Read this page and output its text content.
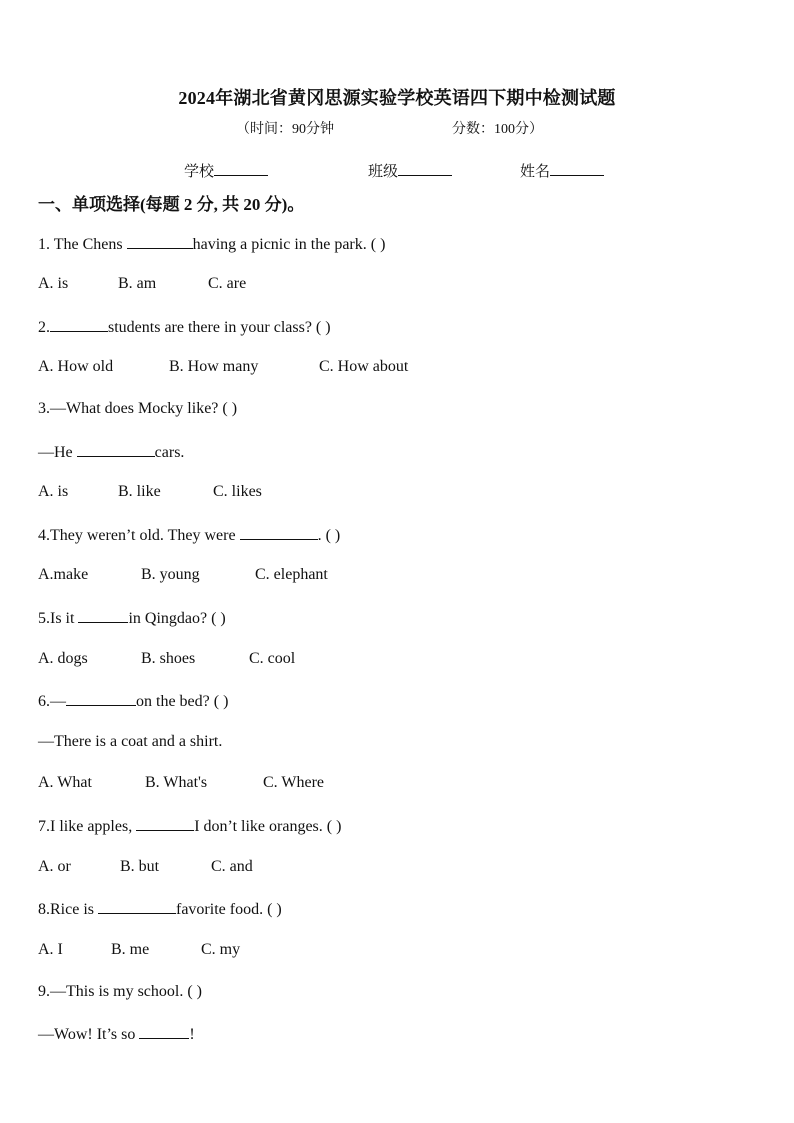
2024年湖北省黄冈思源实验学校英语四下期中检测试题
（时间：90分钟	分数：100分）
学校	班级	姓名
一、单项选择(每题 2 分, 共 20 分)。
1. The Chens	having a picnic in the park. ( )
A. is	B. am	C. are
2.	students are there in your class? ( )
A. How old	B. How many	C. How about
3.—What does Mocky like? ( )
—He	cars.
A. is	B. like	C. likes
4.They weren’t old. They were	. ( )
A.make	B. young	C. elephant
5.Is it	in Qingdao? ( )
A. dogs	B. shoes	C. cool
6.—	on the bed? ( )
—There is a coat and a shirt.
A. What	B. What's	C. Where
7.I like apples,	I don’t like oranges. ( )
A. or	B. but	C. and
8.Rice is	favorite food. ( )
A. I	B. me	C. my
9.—This is my school. ( )
—Wow! It’s so	!
